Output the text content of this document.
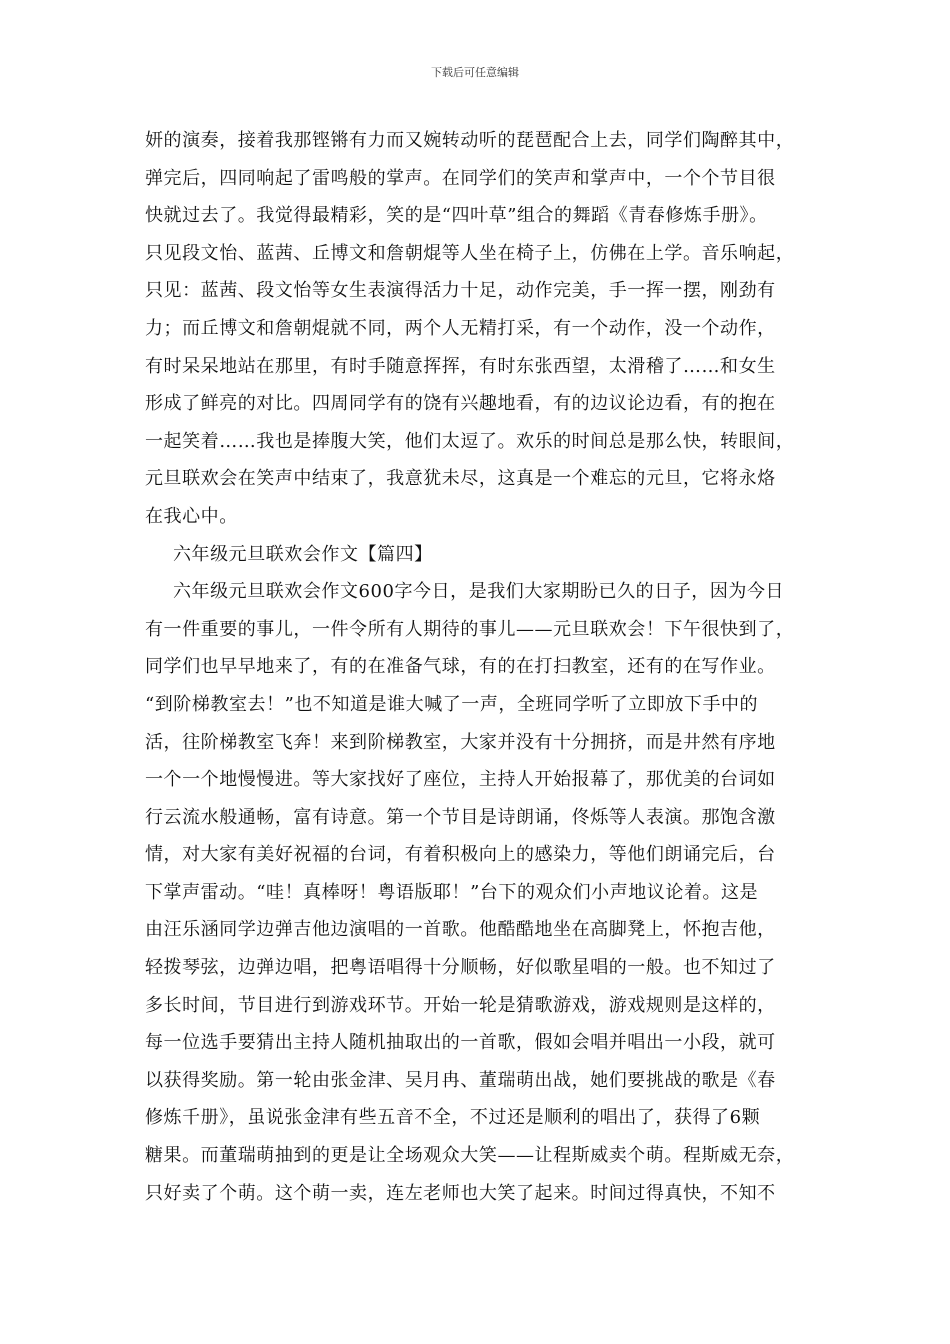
下载后可任意编辑
妍的演奏，接着我那铿锵有力而又婉转动听的琵琶配合上去，同学们陶醉其中，
弹完后，四同响起了雷鸣般的掌声。在同学们的笑声和掌声中，一个个节目很
快就过去了。我觉得最精彩，笑的是“四叶草”组合的舞蹈《青春修炼手册》。
只见段文怡、蓝茜、丘博文和詹朝焜等人坐在椅子上，仿佛在上学。音乐响起，
只见：蓝茜、段文怡等女生表演得活力十足，动作完美，手一挥一摆，刚劲有
力；而丘博文和詹朝焜就不同，两个人无精打采，有一个动作，没一个动作，
有时呆呆地站在那里，有时手随意挥挥，有时东张西望，太滑稽了……和女生
形成了鲜亮的对比。四周同学有的饶有兴趣地看，有的边议论边看，有的抱在
一起笑着……我也是捧腹大笑，他们太逗了。欢乐的时间总是那么快，转眼间，
元旦联欢会在笑声中结束了，我意犹未尽，这真是一个难忘的元旦，它将永烙
在我心中。
六年级元旦联欢会作文【篇四】
六年级元旦联欢会作文600字今日，是我们大家期盼已久的日子，因为今日
有一件重要的事儿，一件令所有人期待的事儿——元旦联欢会！下午很快到了，
同学们也早早地来了，有的在准备气球，有的在打扫教室，还有的在写作业。
“到阶梯教室去！”也不知道是谁大喊了一声，全班同学听了立即放下手中的
活，往阶梯教室飞奔！来到阶梯教室，大家并没有十分拥挤，而是井然有序地
一个一个地慢慢进。等大家找好了座位，主持人开始报幕了，那优美的台词如
行云流水般通畅，富有诗意。第一个节目是诗朗诵，佟烁等人表演。那饱含激
情，对大家有美好祝福的台词，有着积极向上的感染力，等他们朗诵完后，台
下掌声雷动。“哇！真棒呀！粤语版耶！”台下的观众们小声地议论着。这是
由汪乐涵同学边弹吉他边演唱的一首歌。他酷酷地坐在高脚凳上，怀抱吉他，
轻拨琴弦，边弹边唱，把粤语唱得十分顺畅，好似歌星唱的一般。也不知过了
多长时间，节目进行到游戏环节。开始一轮是猜歌游戏，游戏规则是这样的，
每一位选手要猜出主持人随机抽取出的一首歌，假如会唱并唱出一小段，就可
以获得奖励。第一轮由张金津、吴月冉、董瑞萌出战，她们要挑战的歌是《春
修炼千册》，虽说张金津有些五音不全，不过还是顺利的唱出了，获得了6颗
糖果。而董瑞萌抽到的更是让全场观众大笑——让程斯威卖个萌。程斯威无奈，
只好卖了个萌。这个萌一卖，连左老师也大笑了起来。时间过得真快，不知不
